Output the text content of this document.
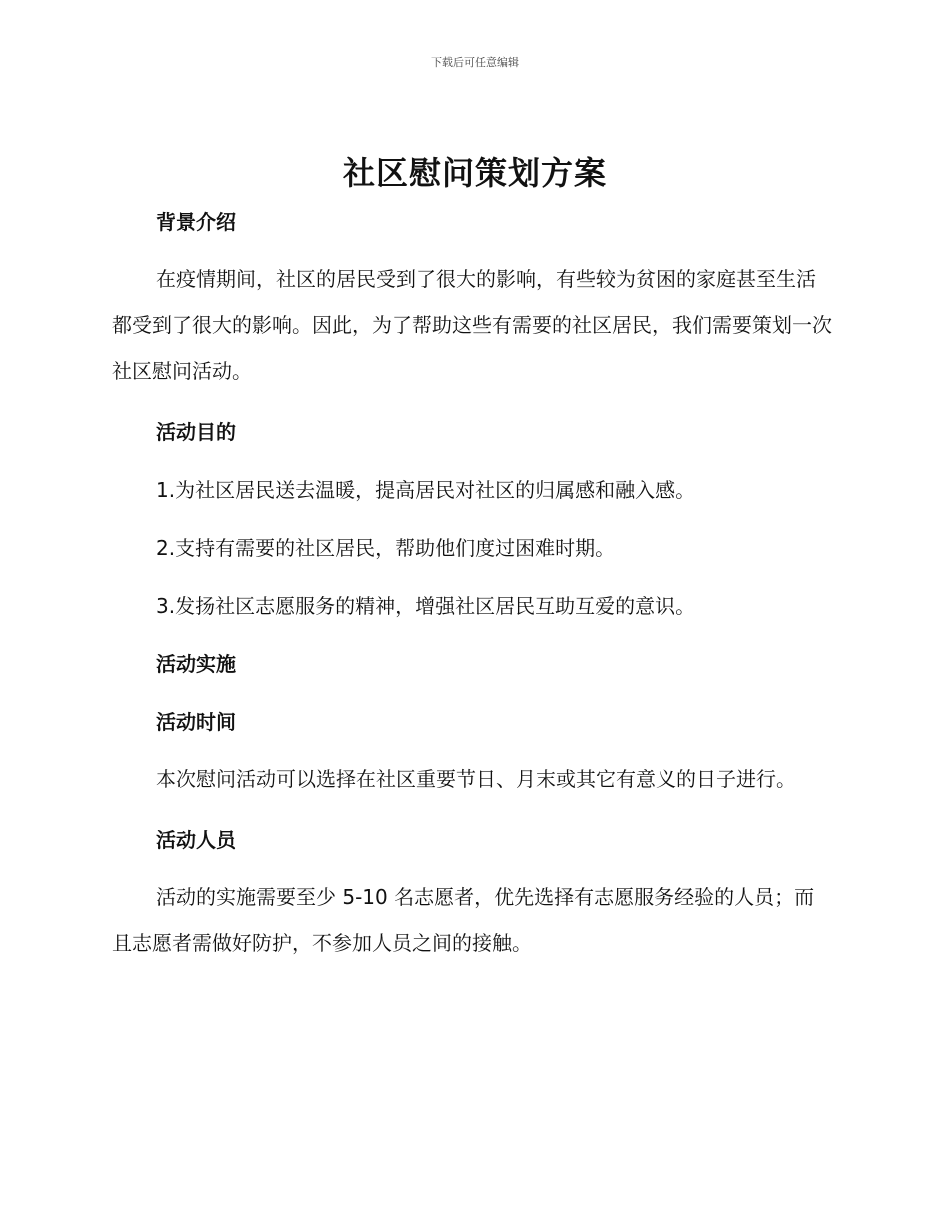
下载后可任意编辑
社区慰问策划方案
背景介绍

在疫情期间，社区的居民受到了很大的影响，有些较为贫困的家庭甚至生活都受到了很大的影响。因此，为了帮助这些有需要的社区居民，我们需要策划一次社区慰问活动。

活动目的

1.为社区居民送去温暖，提高居民对社区的归属感和融入感。

2.支持有需要的社区居民，帮助他们度过困难时期。

3.发扬社区志愿服务的精神，增强社区居民互助互爱的意识。

活动实施
活动时间

本次慰问活动可以选择在社区重要节日、月末或其它有意义的日子进行。

活动人员

活动的实施需要至少 5-10 名志愿者，优先选择有志愿服务经验的人员；而且志愿者需做好防护，不参加人员之间的接触。
